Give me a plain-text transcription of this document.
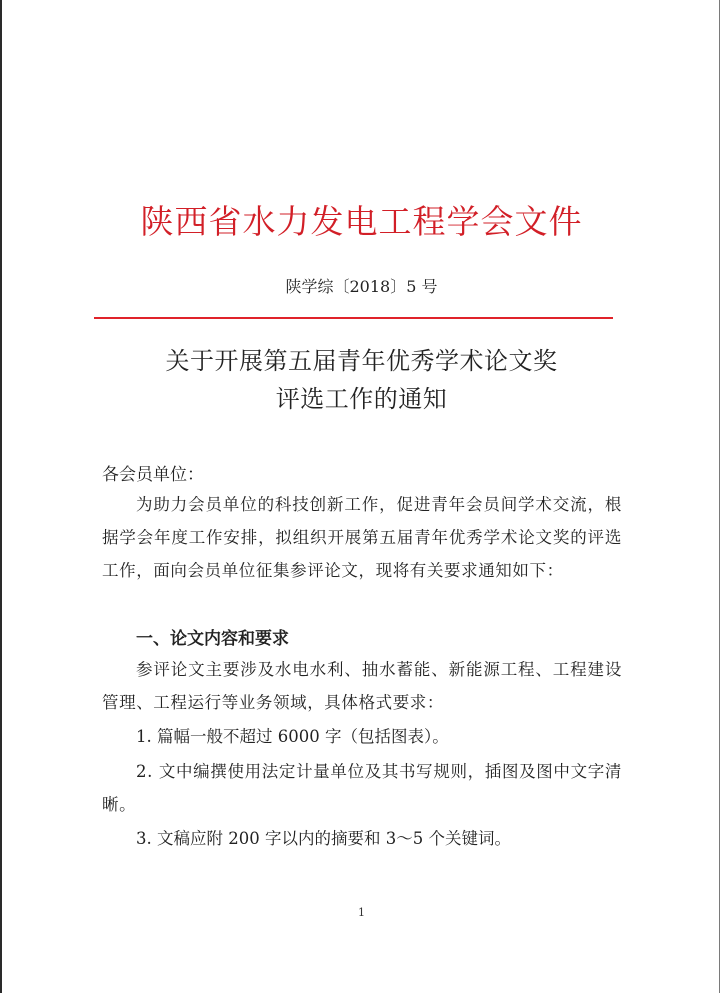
陕西省水力发电工程学会文件
陕学综〔2018〕5 号
关于开展第五届青年优秀学术论文奖
评选工作的通知
各会员单位：

为助力会员单位的科技创新工作，促进青年会员间学术交流，根据学会年度工作安排，拟组织开展第五届青年优秀学术论文奖的评选工作，面向会员单位征集参评论文，现将有关要求通知如下：

一、论文内容和要求

参评论文主要涉及水电水利、抽水蓄能、新能源工程、工程建设管理、工程运行等业务领域，具体格式要求：

1. 篇幅一般不超过 6000 字（包括图表）。

2. 文中编撰使用法定计量单位及其书写规则，插图及图中文字清晰。

3. 文稿应附 200 字以内的摘要和 3～5 个关键词。

1
